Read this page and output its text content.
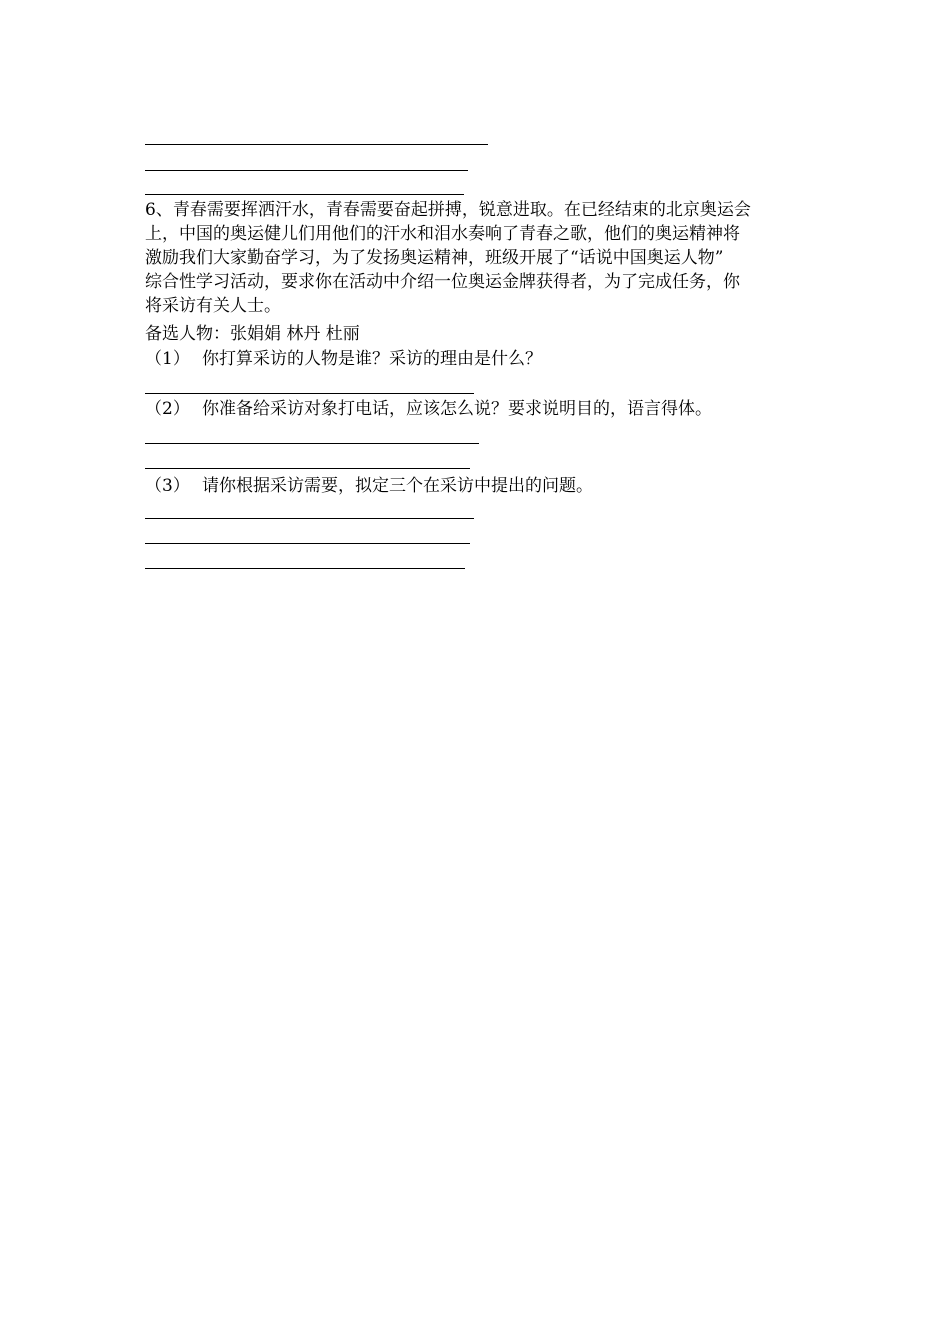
6、青春需要挥洒汗水，青春需要奋起拼搏，锐意进取。在已经结束的北京奥运会
上，中国的奥运健儿们用他们的汗水和泪水奏响了青春之歌，他们的奥运精神将
激励我们大家勤奋学习，为了发扬奥运精神，班级开展了“话说中国奥运人物”
综合性学习活动，要求你在活动中介绍一位奥运金牌获得者，为了完成任务，你
将采访有关人士。
备选人物：张娟娟 林丹 杜丽
（1） 你打算采访的人物是谁？采访的理由是什么？
（2） 你准备给采访对象打电话，应该怎么说？要求说明目的，语言得体。
（3） 请你根据采访需要，拟定三个在采访中提出的问题。
